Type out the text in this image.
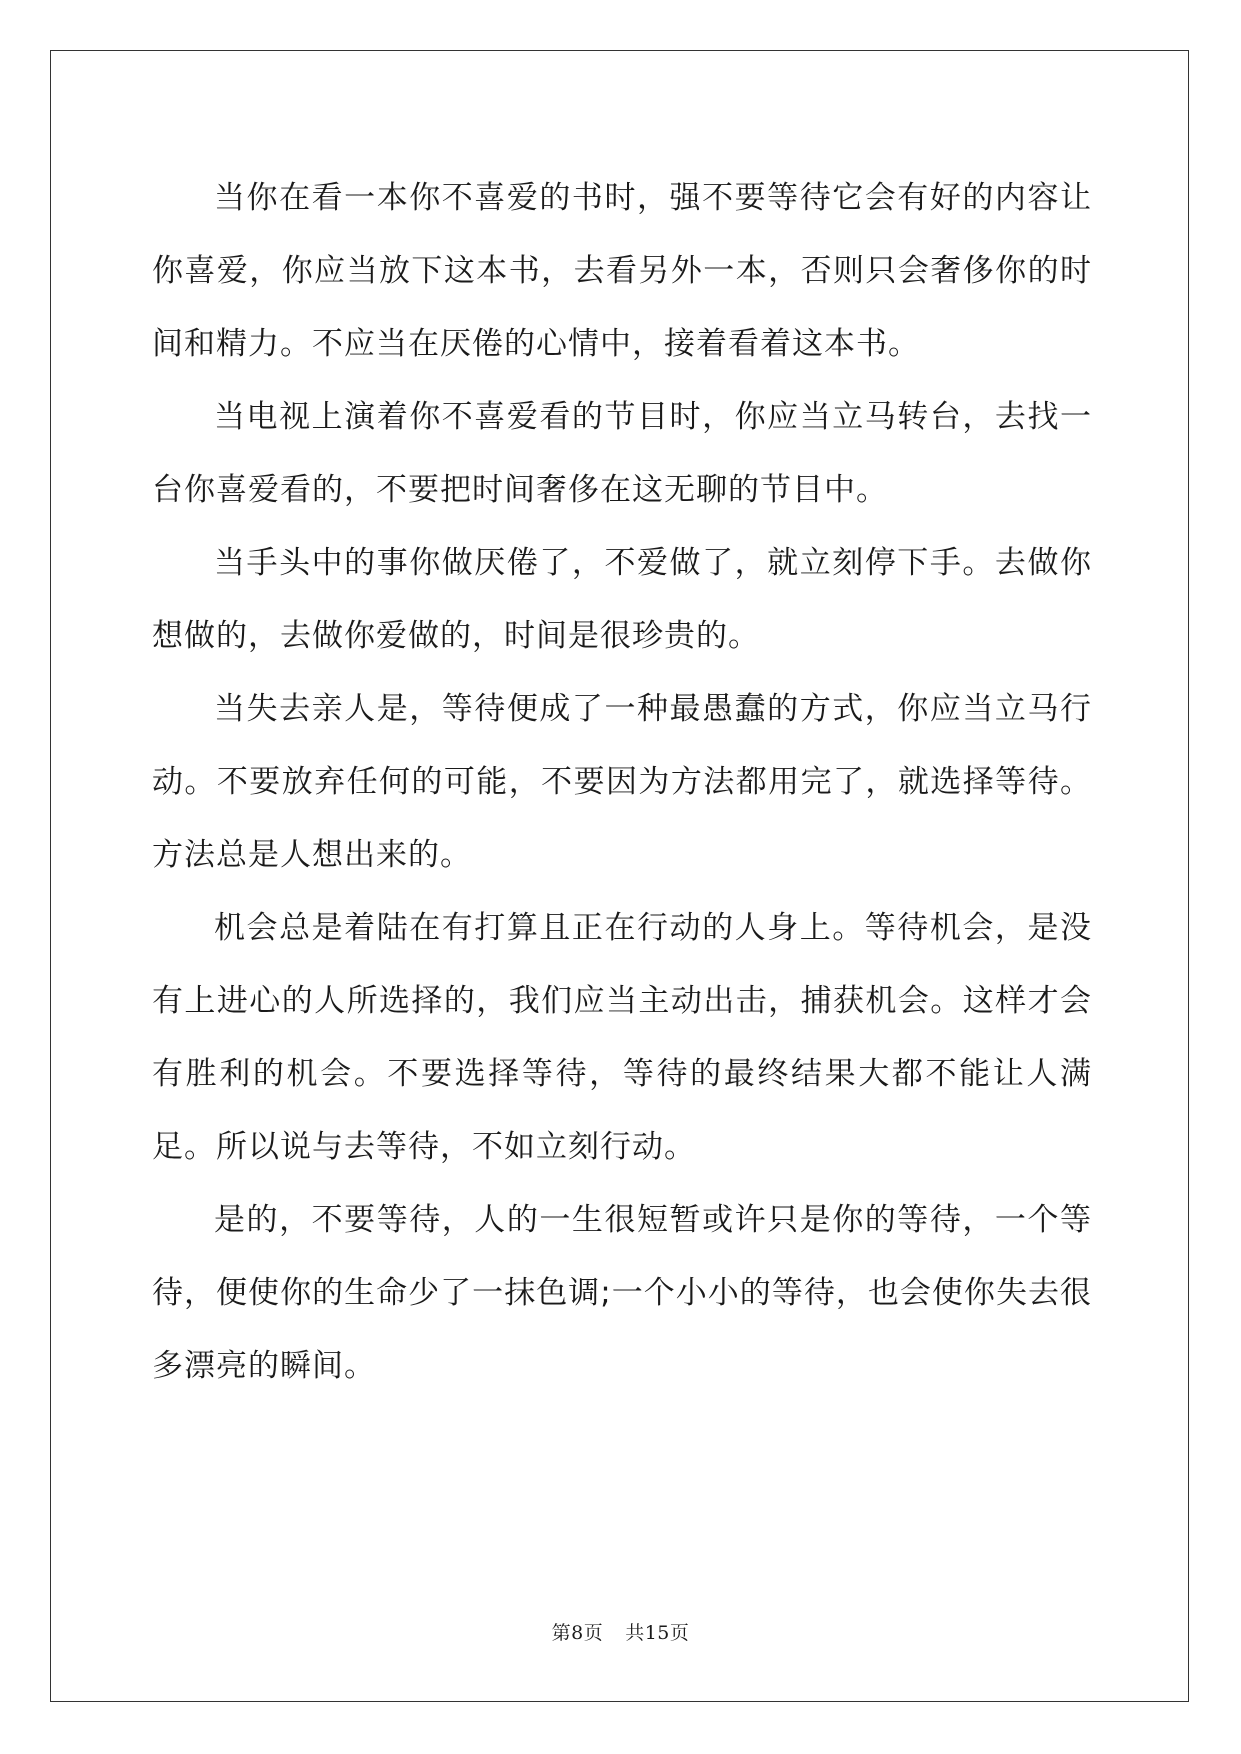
当你在看一本你不喜爱的书时，强不要等待它会有好的内容让你喜爱，你应当放下这本书，去看另外一本，否则只会奢侈你的时间和精力。不应当在厌倦的心情中，接着看着这本书。

当电视上演着你不喜爱看的节目时，你应当立马转台，去找一台你喜爱看的，不要把时间奢侈在这无聊的节目中。

当手头中的事你做厌倦了，不爱做了，就立刻停下手。去做你想做的，去做你爱做的，时间是很珍贵的。

当失去亲人是，等待便成了一种最愚蠢的方式，你应当立马行动。不要放弃任何的可能，不要因为方法都用完了，就选择等待。方法总是人想出来的。

机会总是着陆在有打算且正在行动的人身上。等待机会，是没有上进心的人所选择的，我们应当主动出击，捕获机会。这样才会有胜利的机会。不要选择等待，等待的最终结果大都不能让人满足。所以说与去等待，不如立刻行动。

是的，不要等待，人的一生很短暂或许只是你的等待，一个等待，便使你的生命少了一抹色调;一个小小的等待，也会使你失去很多漂亮的瞬间。

第8页 共15页
